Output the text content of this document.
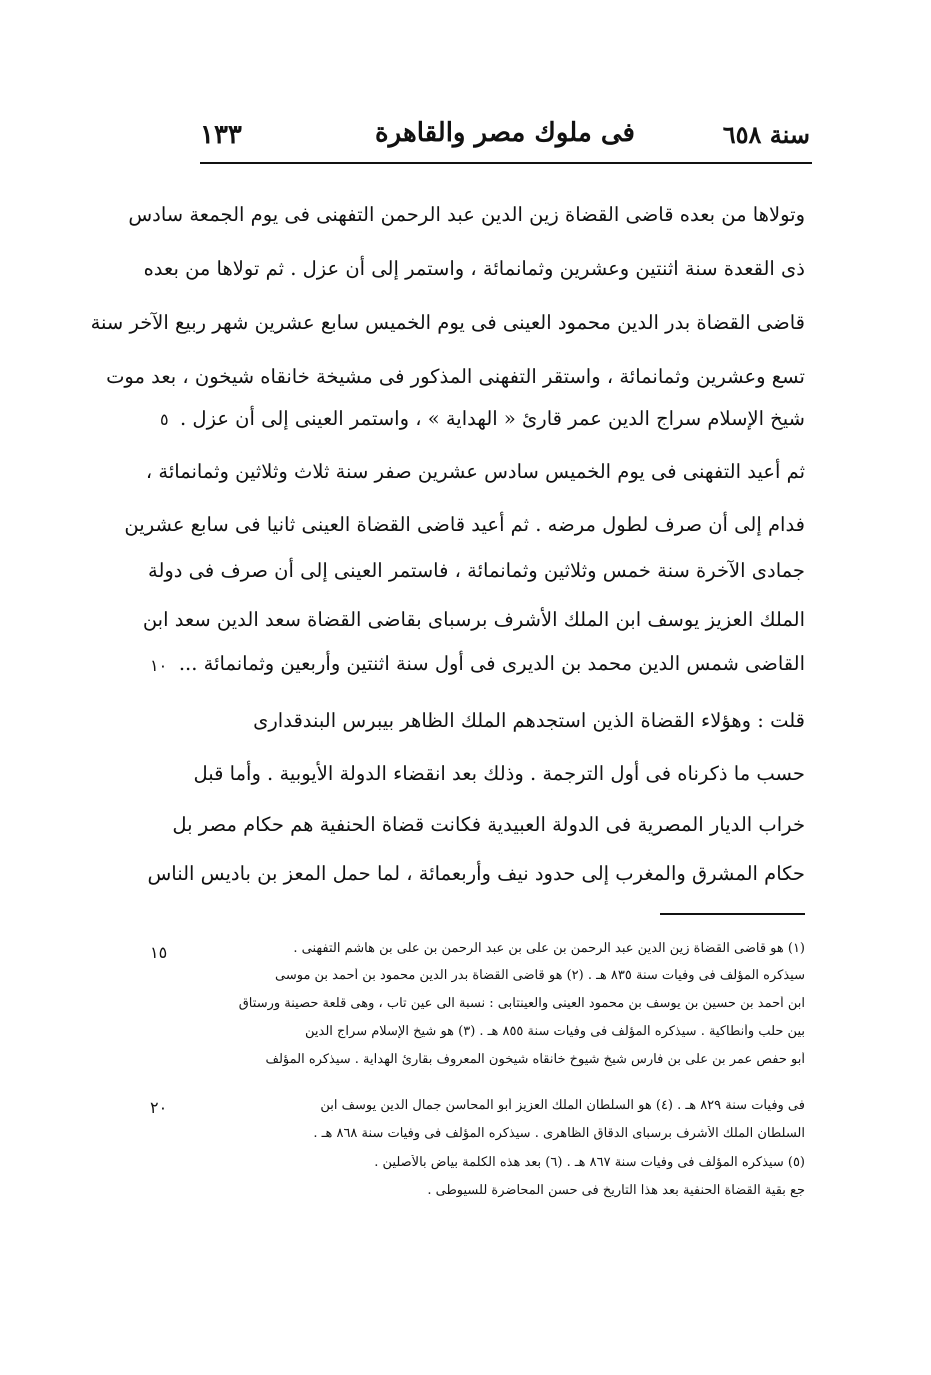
سنة ٦٥٨
فى ملوك مصر والقاهرة
١٣٣
وتولاها من بعده قاضى القضاة زين الدين عبد الرحمن التفهنى فى يوم الجمعة سادس
ذى القعدة سنة اثنتين وعشرين وثمانمائة ، واستمر إلى أن عزل . ثم تولاها من بعده
قاضى القضاة بدر الدين محمود العينى فى يوم الخميس سابع عشرين شهر ربيع الآخر سنة
تسع وعشرين وثمانمائة ، واستقر التفهنى المذكور فى مشيخة خانقاه شيخون ، بعد موت
شيخ الإسلام سراج الدين عمر قارئ « الهداية » ، واستمر العينى إلى أن عزل .
ثم أعيد التفهنى فى يوم الخميس سادس عشرين صفر سنة ثلاث وثلاثين وثمانمائة ،
فدام إلى أن صرف لطول مرضه . ثم أعيد قاضى القضاة العينى ثانيا فى سابع عشرين
جمادى الآخرة سنة خمس وثلاثين وثمانمائة ، فاستمر العينى إلى أن صرف فى دولة
الملك العزيز يوسف ابن الملك الأشرف برسباى بقاضى القضاة سعد الدين سعد ابن
القاضى شمس الدين محمد بن الديرى فى أول سنة اثنتين وأربعين وثمانمائة ...
قلت : وهؤلاء القضاة الذين استجدهم الملك الظاهر بيبرس البندقدارى
حسب ما ذكرناه فى أول الترجمة . وذلك بعد انقضاء الدولة الأيوبية . وأما قبل
خراب الديار المصرية فى الدولة العبيدية فكانت قضاة الحنفية هم حكام مصر بل
حكام المشرق والمغرب إلى حدود نيف وأربعمائة ، لما حمل المعز بن باديس الناس
٥
١٠
١٥
٢٠
(١) هو قاضى القضاة زين الدين عبد الرحمن بن على بن عبد الرحمن بن على بن هاشم التفهنى .
سيذكره المؤلف فى وفيات سنة ٨٣٥ هـ . (٢) هو قاضى القضاة بدر الدين محمود بن أحمد بن موسى
ابن أحمد بن حسين بن يوسف بن محمود العينى والعينتابى : نسبة الى عين تاب ، وهى قلعة حصينة ورستاق
بين حلب وأنطاكية . سيذكره المؤلف فى وفيات سنة ٨٥٥ هـ . (٣) هو شيخ الإسلام سراج الدين
أبو حفص عمر بن على بن فارس شيخ شيوخ خانقاه شيخون المعروف بقارئ الهداية . سيذكره المؤلف
فى وفيات سنة ٨٢٩ هـ . (٤) هو السلطان الملك العزيز أبو المحاسن جمال الدين يوسف ابن
السلطان الملك الأشرف برسباى الدقاق الظاهرى . سيذكره المؤلف فى وفيات سنة ٨٦٨ هـ .
(٥) سيذكره المؤلف فى وفيات سنة ٨٦٧ هـ . (٦) بعد هذه الكلمة بياض بالأصلين .
جع بقية القضاة الحنفية بعد هذا التاريخ فى حسن المحاضرة للسيوطى .
